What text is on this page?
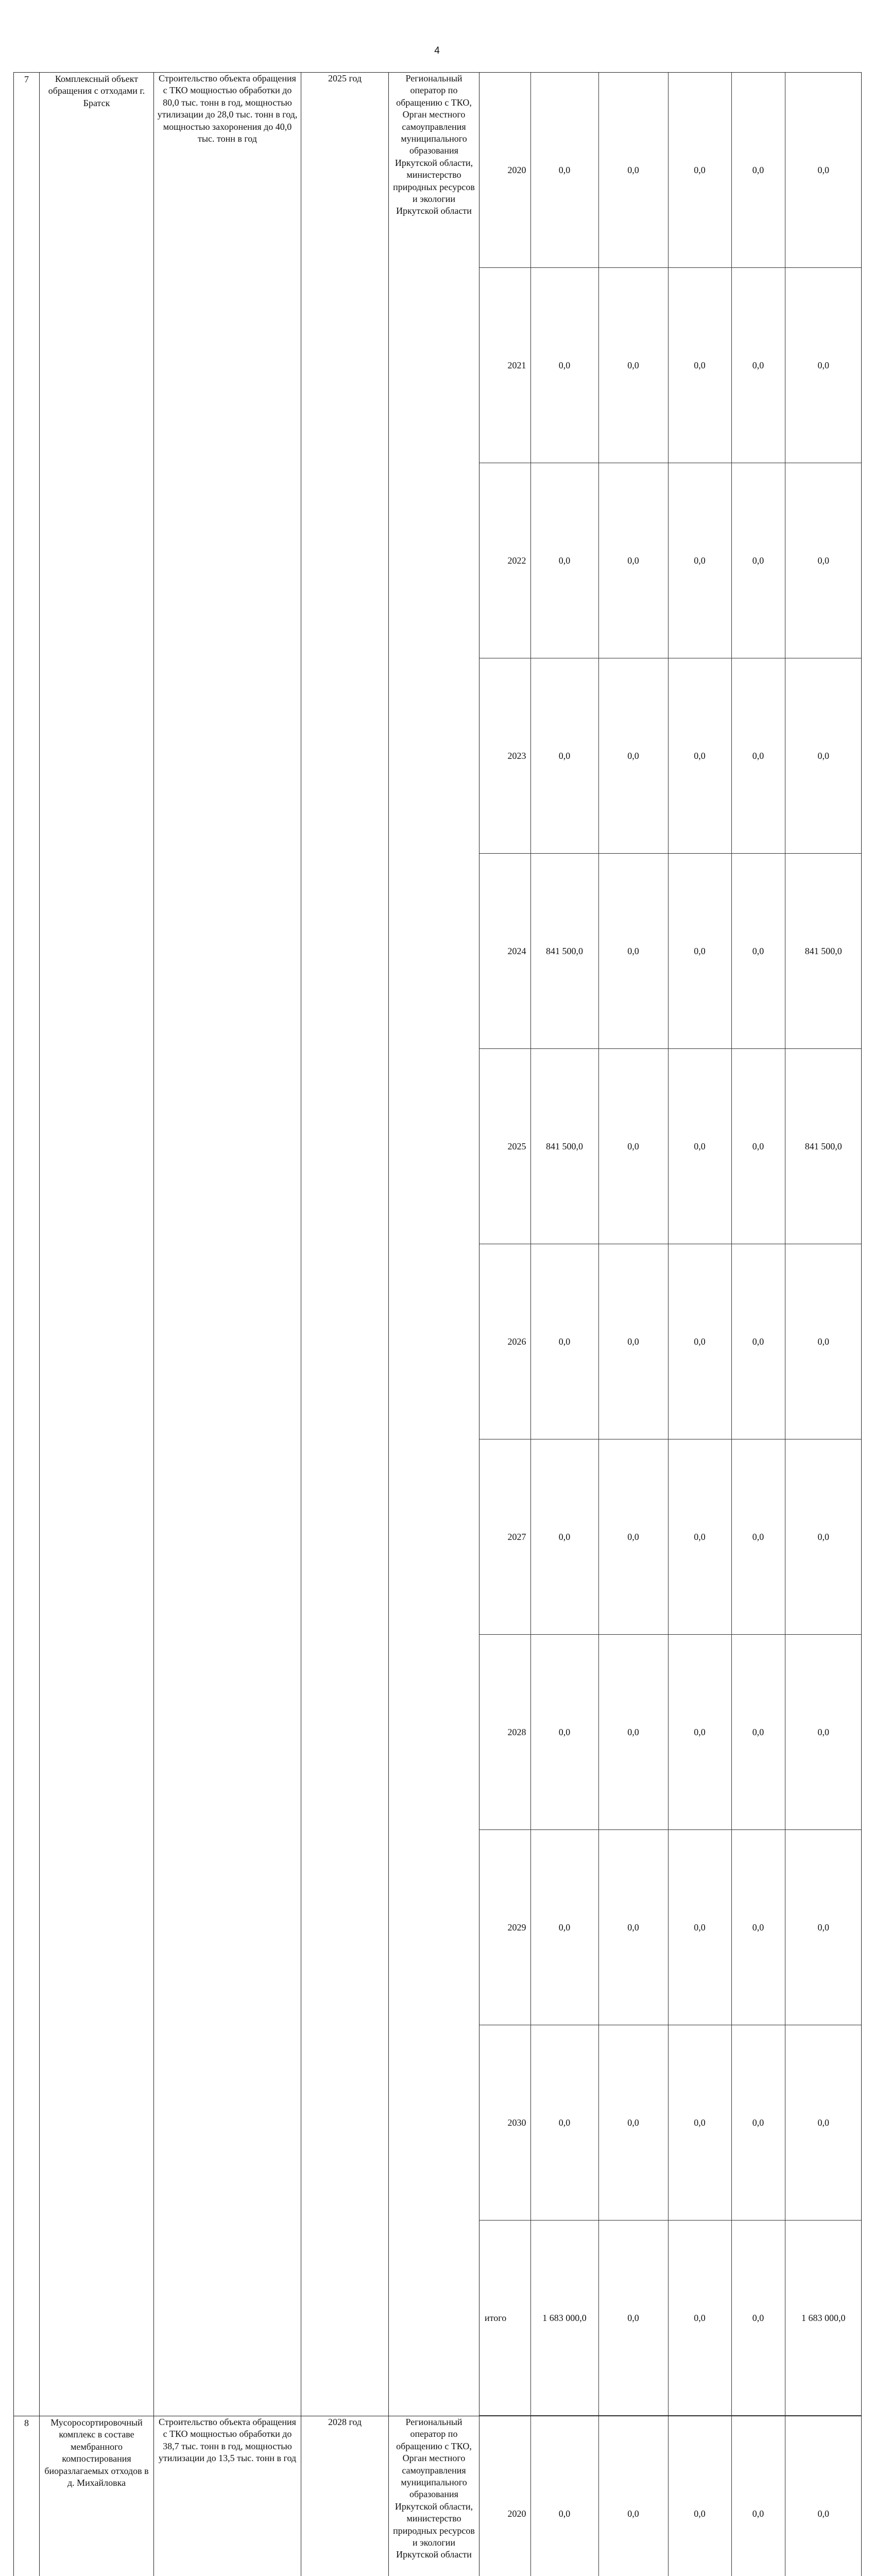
4
7	Комплексный объект обращения с отходами г. Братск	Строительство объекта обращения с ТКО мощностью обработки до 80,0 тыс. тонн в год, мощностью утилизации до 28,0 тыс. тонн в год, мощностью захоронения до 40,0 тыс. тонн в год	2025 год	Региональный оператор по обращению с ТКО, Орган местного самоуправления муниципального образования Иркутской области, министерство природных ресурсов и экологии Иркутской области	
2020	0,0	0,0	0,0	0,0	0,0
2021	0,0	0,0	0,0	0,0	0,0
2022	0,0	0,0	0,0	0,0	0,0
2023	0,0	0,0	0,0	0,0	0,0
2024	841 500,0	0,0	0,0	0,0	841 500,0
2025	841 500,0	0,0	0,0	0,0	841 500,0
2026	0,0	0,0	0,0	0,0	0,0
2027	0,0	0,0	0,0	0,0	0,0
2028	0,0	0,0	0,0	0,0	0,0
2029	0,0	0,0	0,0	0,0	0,0
2030	0,0	0,0	0,0	0,0	0,0
итого	1 683 000,0	0,0	0,0	0,0	1 683 000,0

8	Мусоросортировочный комплекс в составе мембранного компостирования биоразлагаемых отходов в д. Михайловка	Строительство объекта обращения с ТКО мощностью обработки до 38,7 тыс. тонн в год, мощностью утилизации до 13,5 тыс. тонн в год	2028 год	Региональный оператор по обращению с ТКО, Орган местного самоуправления муниципального образования Иркутской области, министерство природных ресурсов и экологии Иркутской области	
2020	0,0	0,0	0,0	0,0	0,0
